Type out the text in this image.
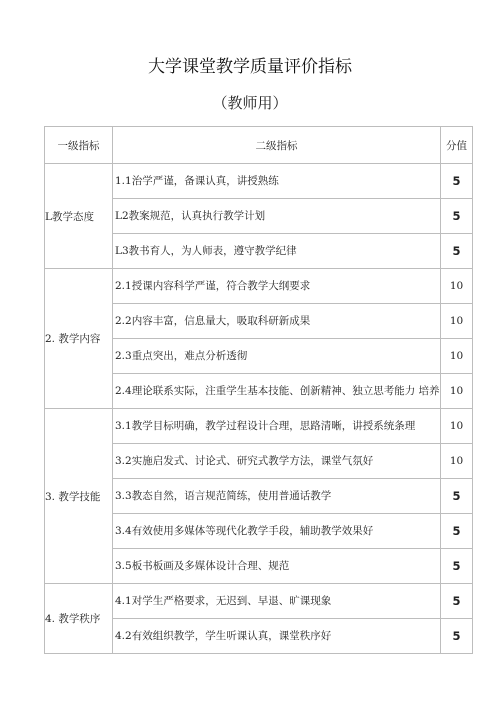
大学课堂教学质量评价指标
（教师用）
一级指标	二级指标	分值
L教学态度	1.1治学严谨，备课认真，讲授熟练	5
	L2教案规范，认真执行教学计划	5
	L3教书育人，为人师表，遵守教学纪律	5
2. 教学内容	2.1授课内容科学严谨，符合教学大纲要求	10
	2.2内容丰富，信息量大，吸取科研新成果	10
	2.3重点突出，难点分析透彻	10
	2.4理论联系实际，注重学生基本技能、创新精神、独立思考能力 培养	10
3. 教学技能	3.1教学目标明确，教学过程设计合理，思路清晰，讲授系统条理	10
	3.2实施启发式、讨论式、研究式教学方法，课堂气氛好	10
	3.3教态自然，语言规范简练，使用普通话教学	5
	3.4有效使用多媒体等现代化教学手段，辅助教学效果好	5
	3.5板书板画及多媒体设计合理、规范	5
4. 教学秩序	4.1对学生严格要求，无迟到、早退、旷课现象	5
	4.2有效组织教学，学生听课认真，课堂秩序好	5
